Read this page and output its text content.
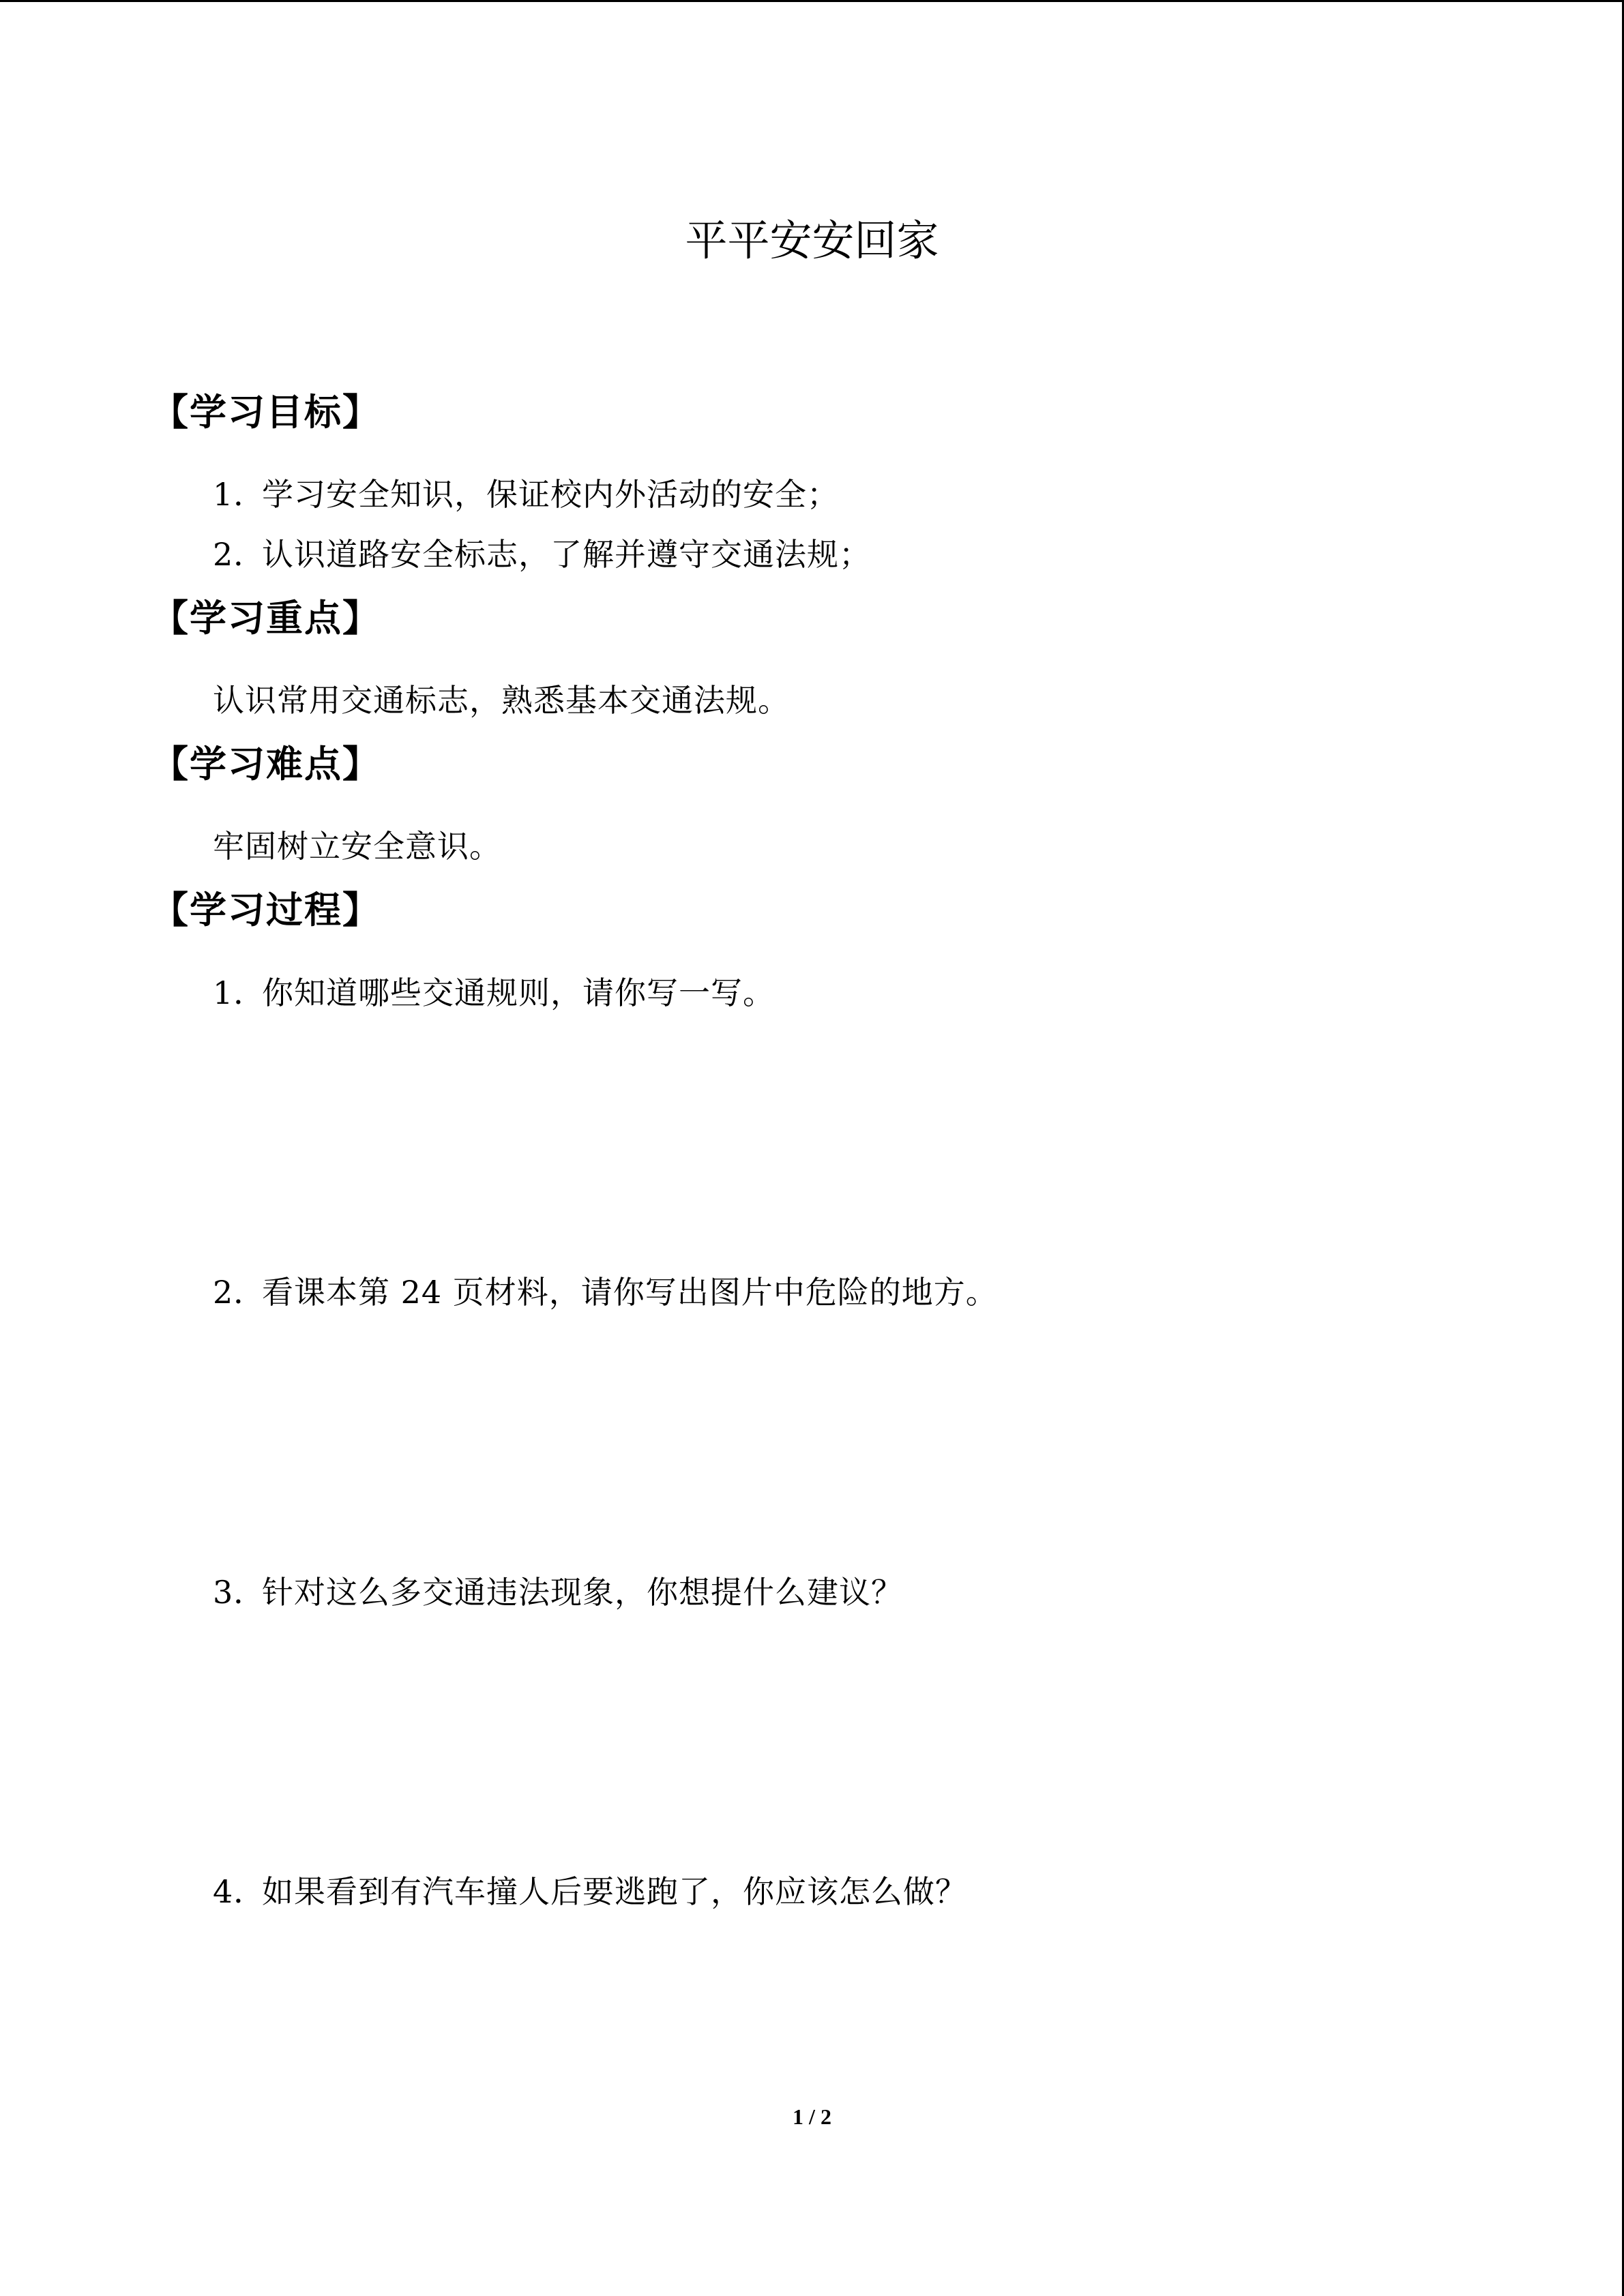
平平安安回家
【学习目标】
1．学习安全知识，保证校内外活动的安全；
2．认识道路安全标志，了解并遵守交通法规；
【学习重点】
认识常用交通标志，熟悉基本交通法规。
【学习难点】
牢固树立安全意识。
【学习过程】
1．你知道哪些交通规则，请你写一写。
2．看课本第 24 页材料，请你写出图片中危险的地方。
3．针对这么多交通违法现象，你想提什么建议？
4．如果看到有汽车撞人后要逃跑了，你应该怎么做？
1 / 2
